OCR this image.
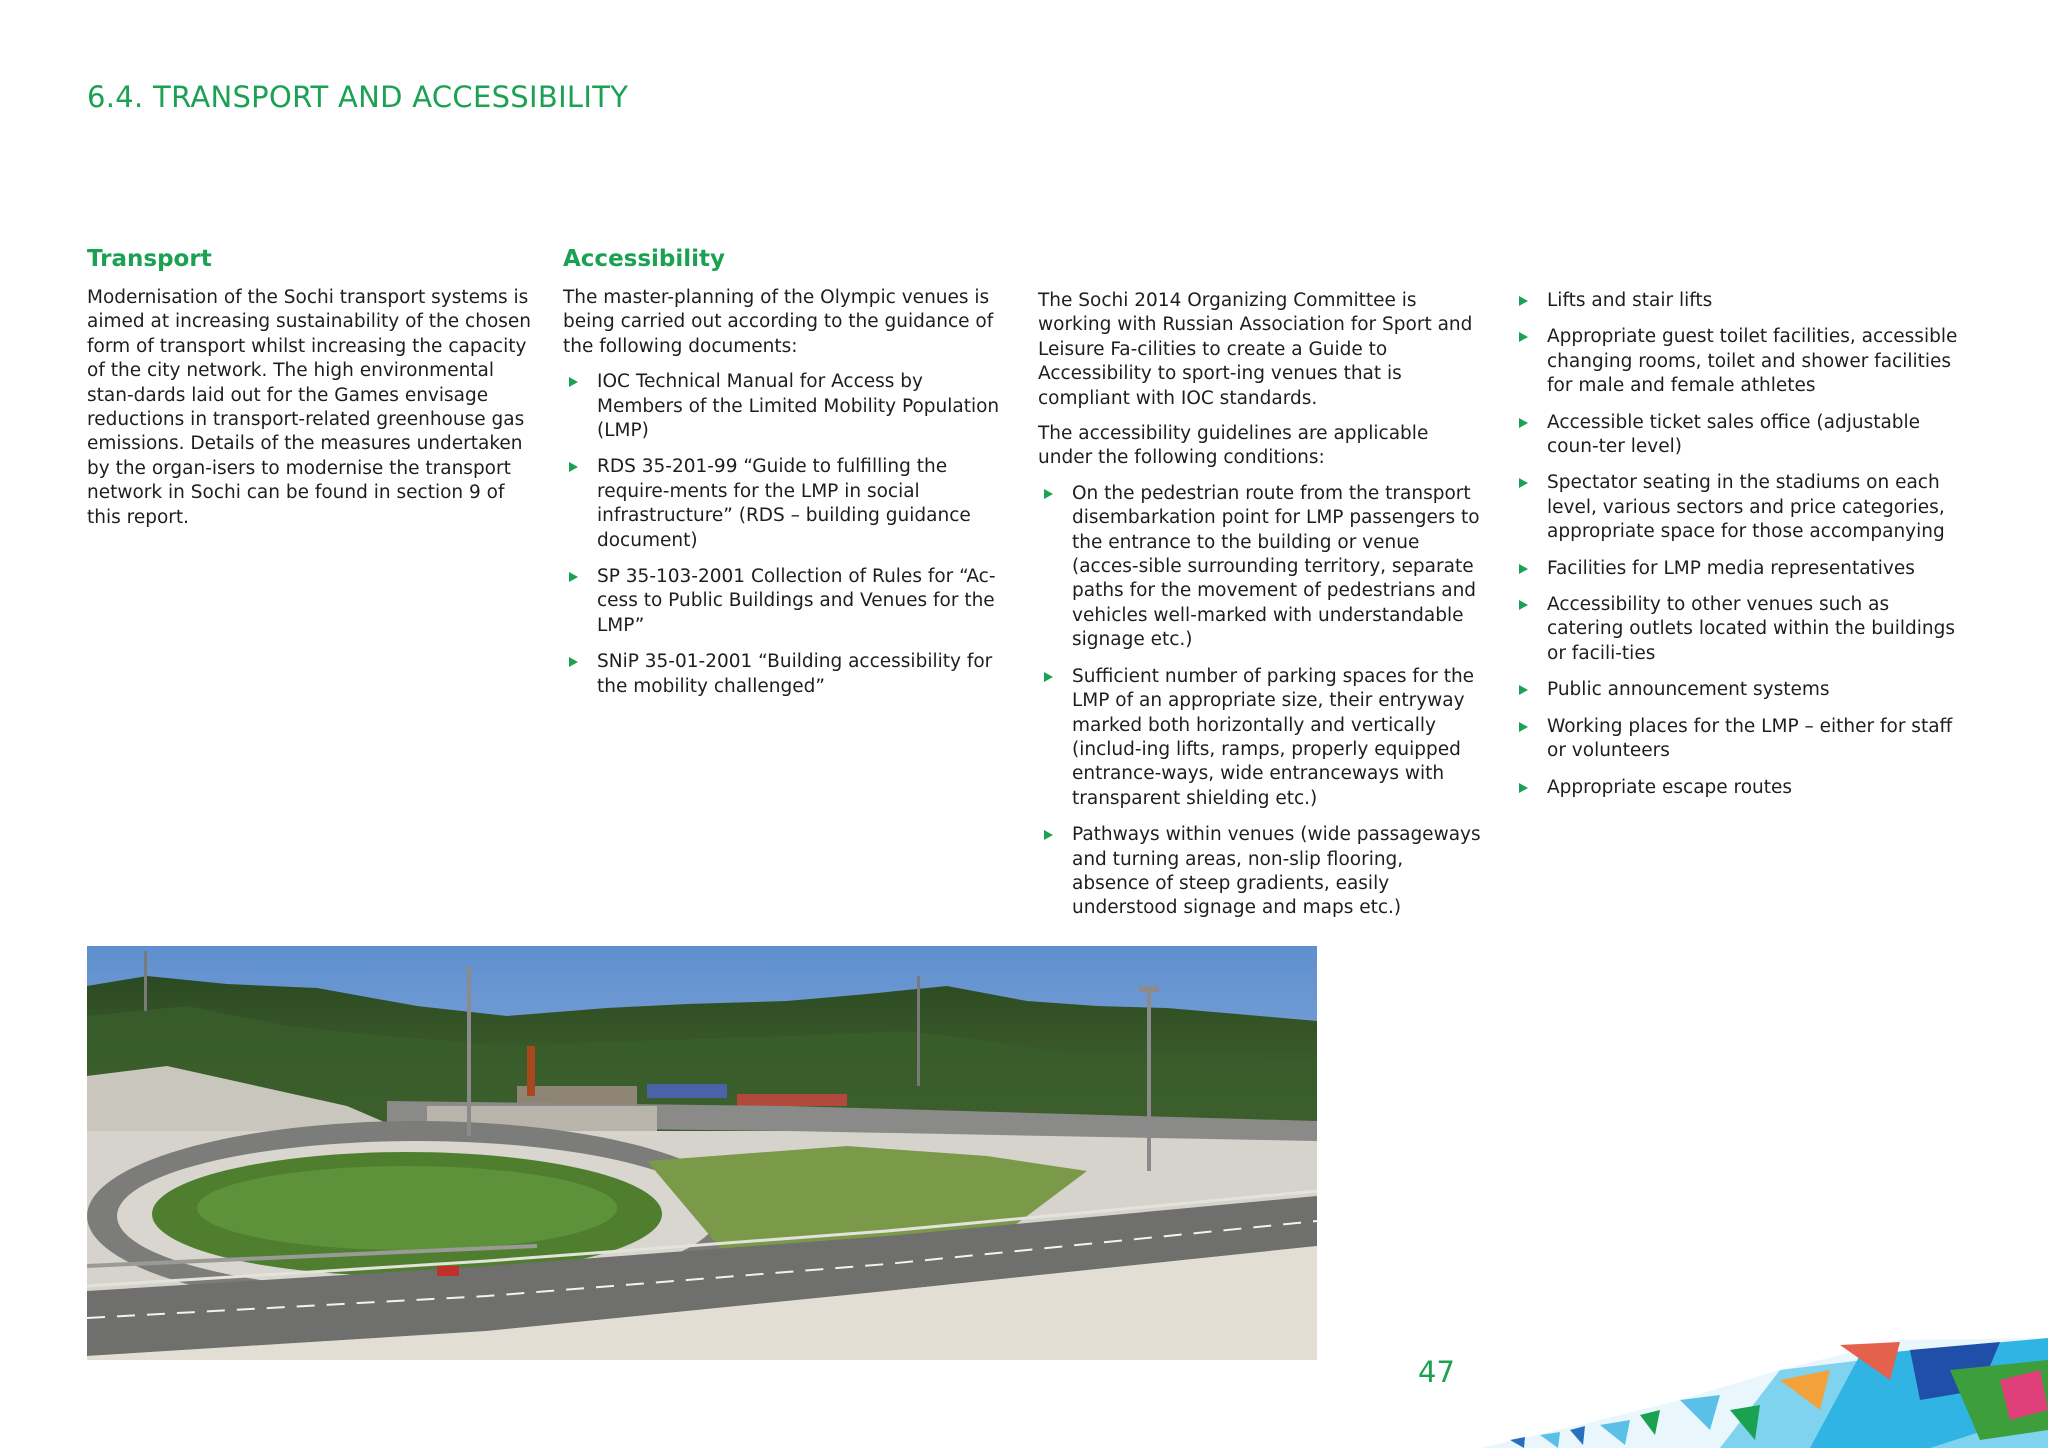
6.4. TRANSPORT AND ACCESSIBILITY
Transport

Modernisation of the Sochi transport systems is aimed at increasing sustainability of the chosen form of transport whilst increasing the capacity of the city network. The high environmental stan-dards laid out for the Games envisage reductions in transport-related greenhouse gas emissions. Details of the measures undertaken by the organ-isers to modernise the transport network in Sochi can be found in section 9 of this report.

Accessibility

The master-planning of the Olympic venues is being carried out according to the guidance of the following documents:

IOC Technical Manual for Access by Members of the Limited Mobility Population (LMP)
RDS 35-201-99 “Guide to fulfilling the require-ments for the LMP in social infrastructure” (RDS – building guidance document)
SP 35-103-2001 Collection of Rules for “Ac-cess to Public Buildings and Venues for the LMP”
SNiP 35-01-2001 “Building accessibility for the mobility challenged”

The Sochi 2014 Organizing Committee is working with Russian Association for Sport and Leisure Fa-cilities to create a Guide to Accessibility to sport-ing venues that is compliant with IOC standards.

The accessibility guidelines are applicable under the following conditions:

On the pedestrian route from the transport disembarkation point for LMP passengers to the entrance to the building or venue (acces-sible surrounding territory, separate paths for the movement of pedestrians and vehicles well-marked with understandable signage etc.)
Sufficient number of parking spaces for the LMP of an appropriate size, their entryway marked both horizontally and vertically (includ-ing lifts, ramps, properly equipped entrance-ways, wide entranceways with transparent shielding etc.)
Pathways within venues (wide passageways and turning areas, non-slip flooring, absence of steep gradients, easily understood signage and maps etc.)
Lifts and stair lifts
Appropriate guest toilet facilities, accessible changing rooms, toilet and shower facilities for male and female athletes
Accessible ticket sales office (adjustable coun-ter level)
Spectator seating in the stadiums on each level, various sectors and price categories, appropriate space for those accompanying
Facilities for LMP media representatives
Accessibility to other venues such as catering outlets located within the buildings or facili-ties
Public announcement systems
Working places for the LMP – either for staff or volunteers
Appropriate escape routes
47
